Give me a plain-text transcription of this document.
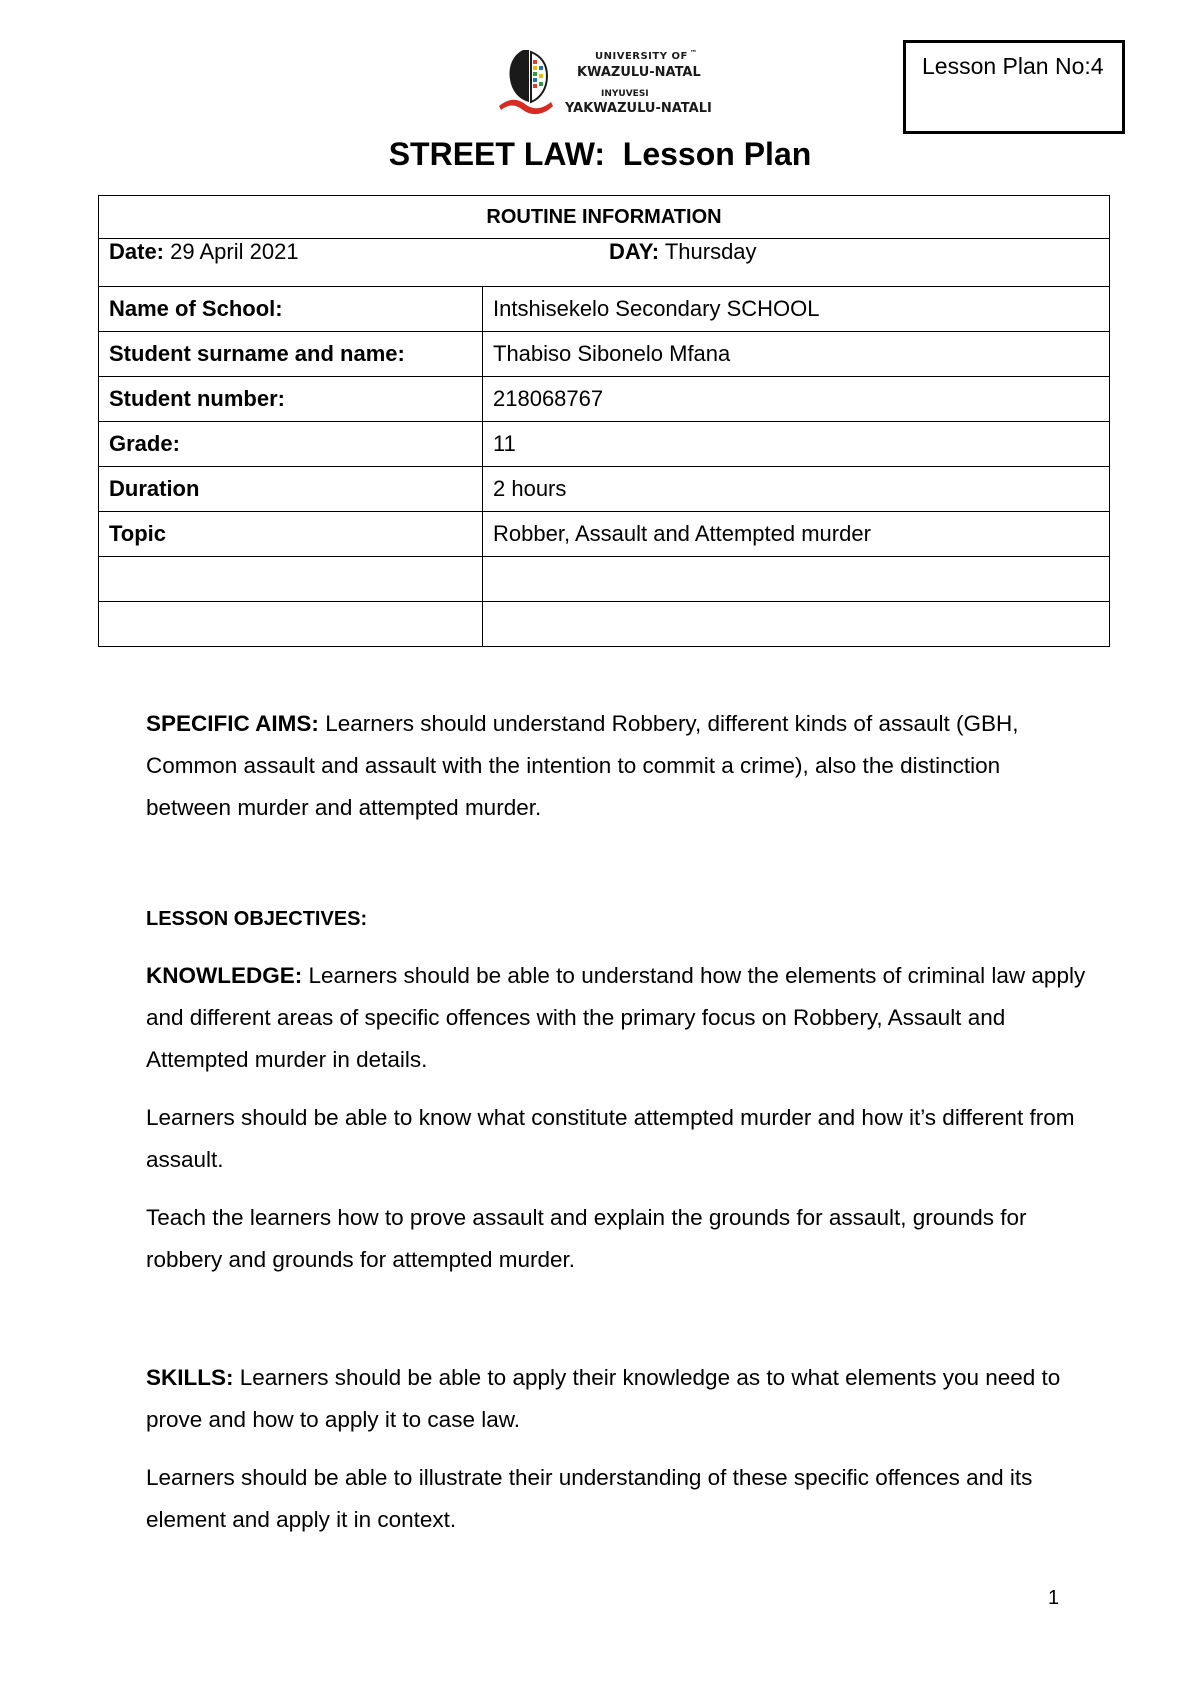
UNIVERSITY OF ™
KWAZULU-NATAL
INYUVESI
YAKWAZULU-NATALI
Lesson Plan No:4
STREET LAW:  Lesson Plan
ROUTINE INFORMATION	

Date: 29 April 2021 DAY: Thursday	

Name of School:	Intshisekelo Secondary SCHOOL
Student surname and name:	Thabiso Sibonelo Mfana
Student number:	218068767
Grade:	11
Duration	2 hours
Topic	Robber, Assault and Attempted murder

SPECIFIC AIMS: Learners should understand Robbery, different kinds of assault (GBH, Common assault and assault with the intention to commit a crime), also the distinction between murder and attempted murder.

LESSON OBJECTIVES:

KNOWLEDGE: Learners should be able to understand how the elements of criminal law apply and different areas of specific offences with the primary focus on Robbery, Assault and Attempted murder in details.

Learners should be able to know what constitute attempted murder and how it’s different from assault.

Teach the learners how to prove assault and explain the grounds for assault, grounds for robbery and grounds for attempted murder.

SKILLS: Learners should be able to apply their knowledge as to what elements you need to prove and how to apply it to case law.

Learners should be able to illustrate their understanding of these specific offences and its element and apply it in context.

1
